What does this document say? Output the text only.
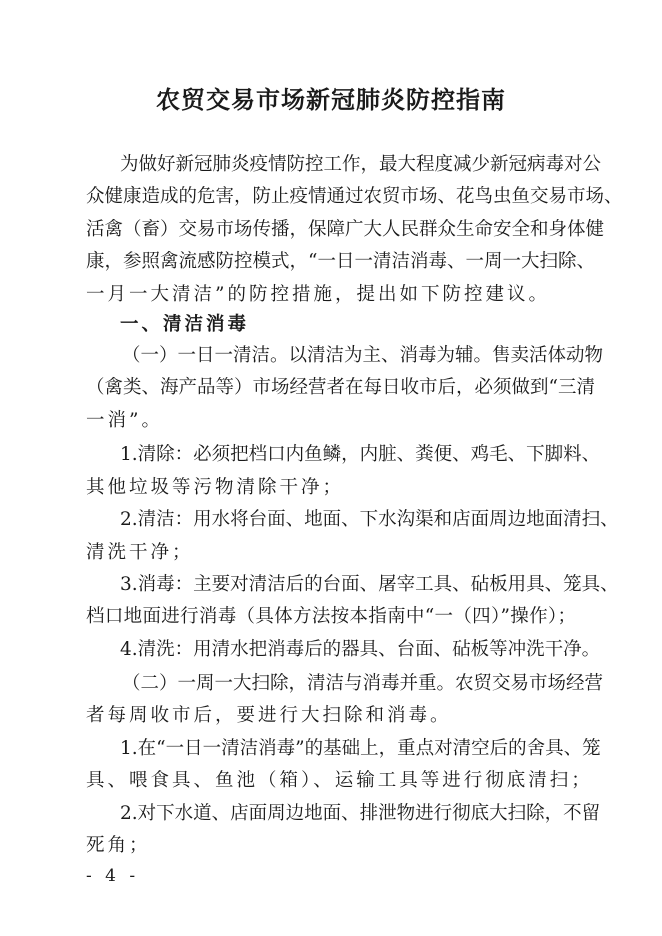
农贸交易市场新冠肺炎防控指南
为做好新冠肺炎疫情防控工作，最大程度减少新冠病毒对公
众健康造成的危害，防止疫情通过农贸市场、花鸟虫鱼交易市场、
活禽（畜）交易市场传播，保障广大人民群众生命安全和身体健
康，参照禽流感防控模式，“一日一清洁消毒、一周一大扫除、
一月一大清洁”的防控措施，提出如下防控建议。
一、清洁消毒
（一）一日一清洁。以清洁为主、消毒为辅。售卖活体动物
（禽类、海产品等）市场经营者在每日收市后，必须做到“三清
一消”。
1.清除：必须把档口内鱼鳞，内脏、粪便、鸡毛、下脚料、
其他垃圾等污物清除干净；
2.清洁：用水将台面、地面、下水沟渠和店面周边地面清扫、
清洗干净；
3.消毒：主要对清洁后的台面、屠宰工具、砧板用具、笼具、
档口地面进行消毒（具体方法按本指南中“一（四）”操作）；
4.清洗：用清水把消毒后的器具、台面、砧板等冲洗干净。
（二）一周一大扫除，清洁与消毒并重。农贸交易市场经营
者每周收市后，要进行大扫除和消毒。
1.在“一日一清洁消毒”的基础上，重点对清空后的舍具、笼
具、喂食具、鱼池（箱）、运输工具等进行彻底清扫；
2.对下水道、店面周边地面、排泄物进行彻底大扫除，不留
死角；
- 4 -
